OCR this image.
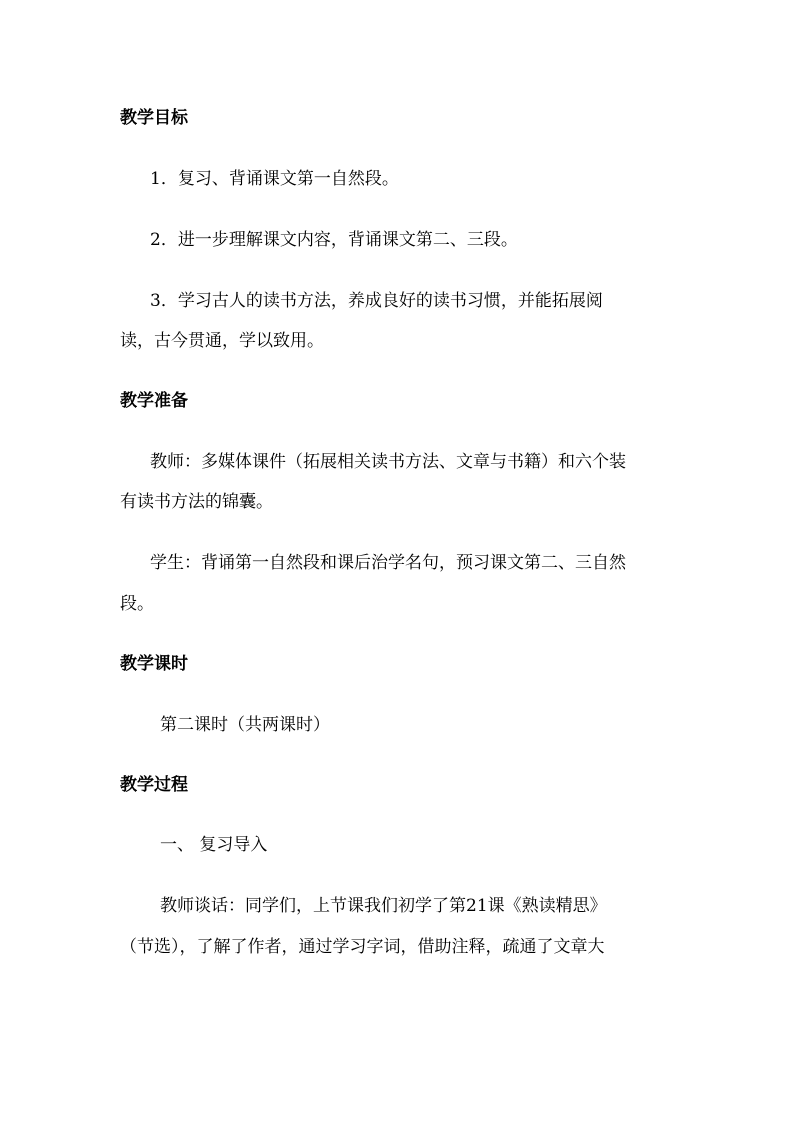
教学目标
1．复习、背诵课文第一自然段。
2．进一步理解课文内容，背诵课文第二、三段。
3．学习古人的读书方法，养成良好的读书习惯，并能拓展阅
读，古今贯通，学以致用。
教学准备
教师：多媒体课件（拓展相关读书方法、文章与书籍）和六个装
有读书方法的锦囊。
学生：背诵第一自然段和课后治学名句，预习课文第二、三自然
段。
教学课时
第二课时（共两课时）
教学过程
一、 复习导入
教师谈话：同学们，上节课我们初学了第21课《熟读精思》
（节选），了解了作者，通过学习字词，借助注释，疏通了文章大
